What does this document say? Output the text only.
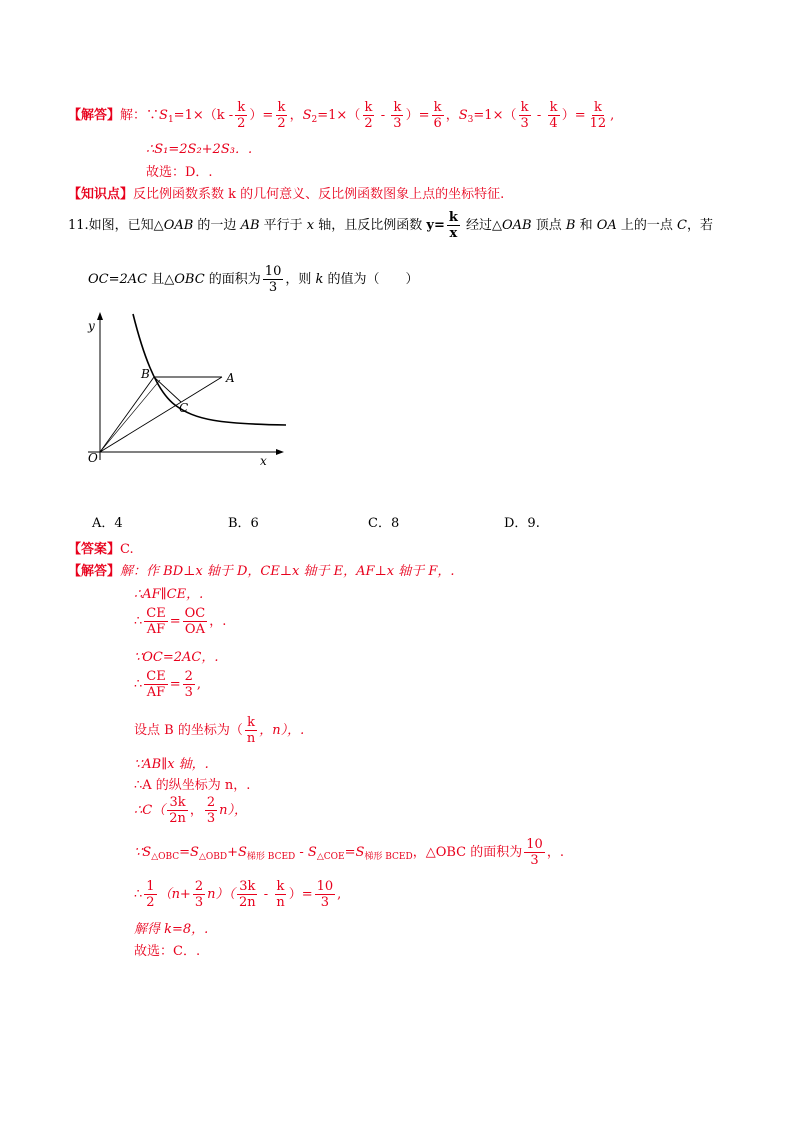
【解答】解：$\because S_1=1\times(k - \frac{k}{2}$ ）= $\frac{k}{2}$ ，$S_2=1\times( \frac{k}{2} - \frac{k}{3}$ ）= $\frac{k}{6}$ ，$S_3=1\times( \frac{k}{3} - \frac{k}{4}$ ）= $\frac{k}{12}$ ,
∴S₁=2S₂+2S₃．.
故选：D．.
【知识点】反比例函数系数 k 的几何意义、反比例函数图象上点的坐标特征.
11.如图，已知△OAB 的一边 AB 平行于 x 轴，且反比例函数 $y= \frac{k}{x}$ 经过△OAB 顶点 B 和 OA 上的一点 C，若
OC=2AC 且△OBC 的面积为 $\frac{10}{3}$ ，则 k 的值为（　　）
y
x
O
B	A
C
A．4	B．6	C．8	D．9.
【答案】C.
【解答】解：作 BD⊥x 轴于 D，CE⊥x 轴于 E，AF⊥x 轴于 F，.
∴AF∥CE，.
∴ $\frac{CE}{AF} = \frac{OC}{OA}$ ，.
∵OC=2AC，.
∴ $\frac{CE}{AF} = \frac{2}{3}$ ,
设点 B 的坐标为（ $\frac{k}{n}$ ，n），.
∵AB∥x 轴，.
∴A 的纵坐标为 n，.
∴C（ $\frac{3k}{2n}$ ， $\frac{2}{3} n$），
$\because S_{\triangle OBC}=S_{\triangle OBD}+S_{梯形 BCED} - S_{\triangle COE}=S_{梯形 BCED}$，△OBC 的面积为 $\frac{10}{3}$ ，.
∴ $\frac{1}{2} (n+ \frac{2}{3} n)( \frac{3k}{2n} - \frac{k}{n}$ ）= $\frac{10}{3}$ ,
解得 k=8，.
故选：C．.
